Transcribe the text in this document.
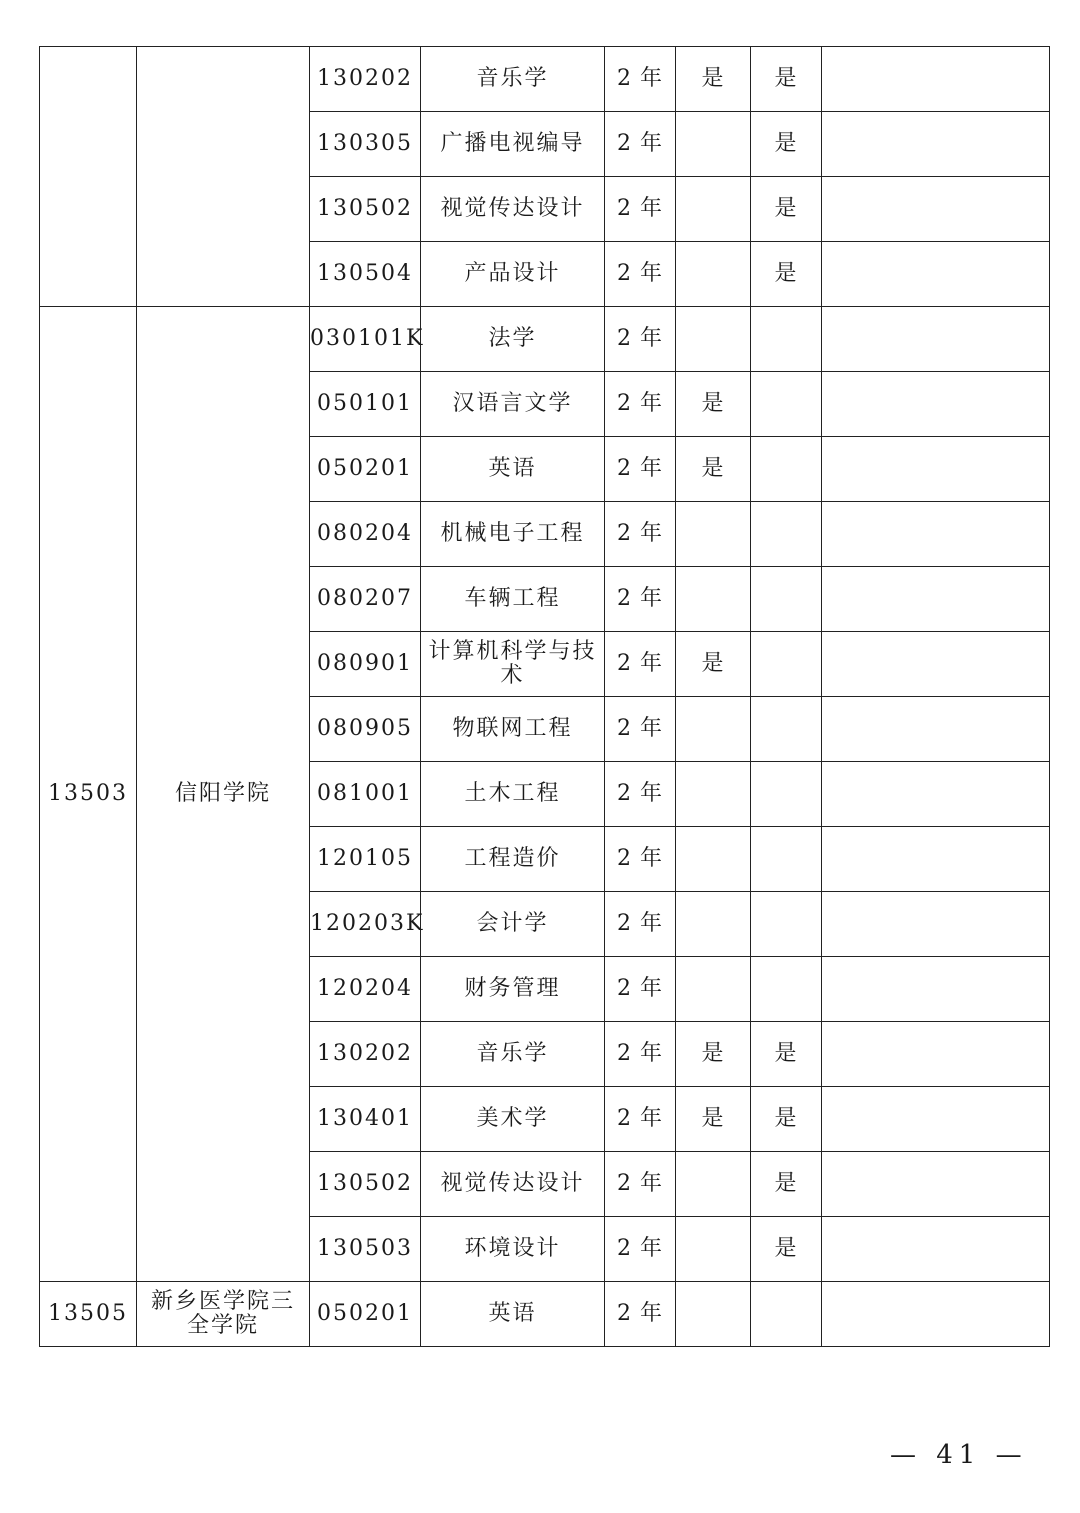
		130202	音乐学	2 年	是	是	
		130305	广播电视编导	2 年		是	
		130502	视觉传达设计	2 年		是	
		130504	产品设计	2 年		是	
13503	信阳学院	030101K	法学	2 年			
		050101	汉语言文学	2 年	是		
		050201	英语	2 年	是		
		080204	机械电子工程	2 年			
		080207	车辆工程	2 年			
		080901	计算机科学与技术	2 年	是		
		080905	物联网工程	2 年			
		081001	土木工程	2 年			
		120105	工程造价	2 年			
		120203K	会计学	2 年			
		120204	财务管理	2 年			
		130202	音乐学	2 年	是	是	
		130401	美术学	2 年	是	是	
		130502	视觉传达设计	2 年		是	
		130503	环境设计	2 年		是	
13505	新乡医学院三全学院	050201	英语	2 年			
— 41 —
